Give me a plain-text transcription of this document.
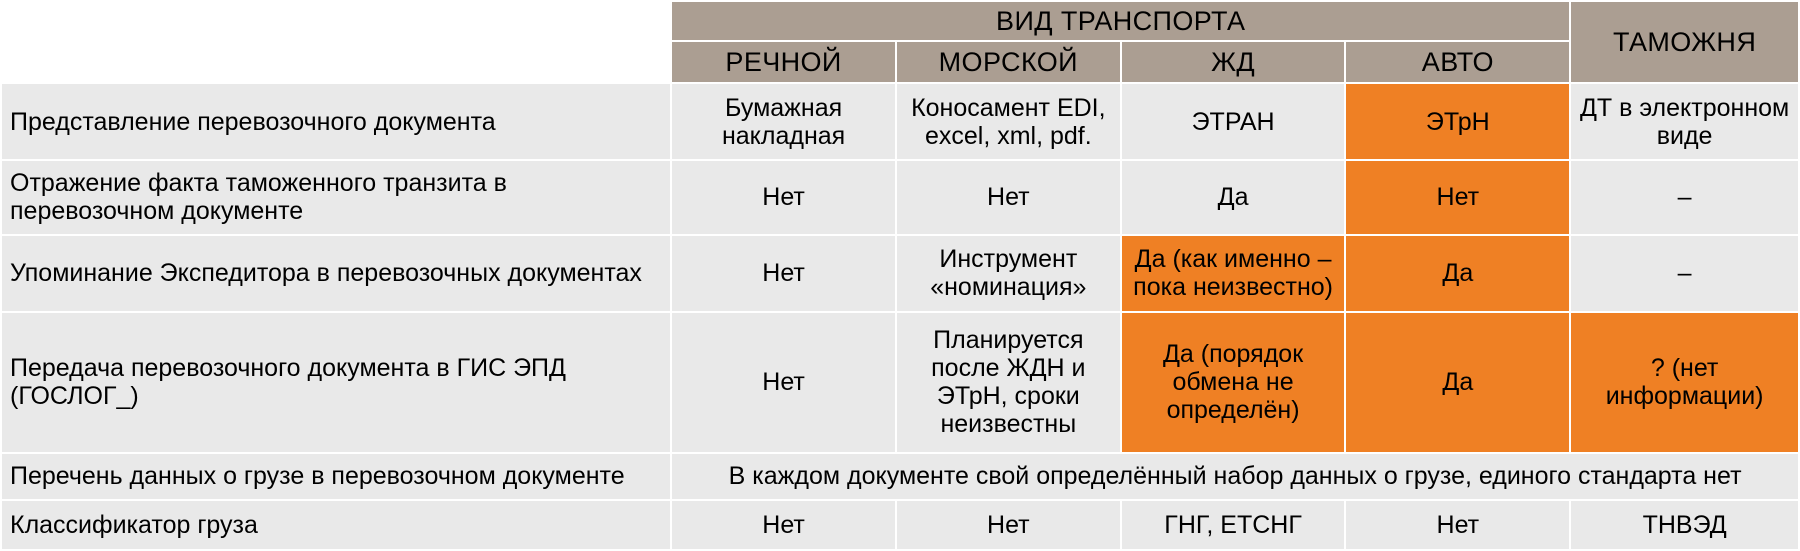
	ВИД ТРАНСПОРТА				ТАМОЖНЯ
	РЕЧНОЙ	МОРСКОЙ	ЖД	АВТО	
Представление перевозочного документа	Бумажная накладная	Коносамент EDI, excel, xml, pdf.	ЭТРАН	ЭТрН	ДТ в электронном виде
Отражение факта таможенного транзита в перевозочном документе	Нет	Нет	Да	Нет	–
Упоминание Экспедитора в перевозочных документах	Нет	Инструмент «номинация»	Да (как именно – пока неизвестно)	Да	–
Передача перевозочного документа в ГИС ЭПД (ГОСЛОГ_)	Нет	Планируется после ЖДН и ЭТрН, сроки неизвестны	Да (порядок обмена не определён)	Да	? (нет информации)
Перечень данных о грузе в перевозочном документе	В каждом документе свой определённый набор данных о грузе, единого стандарта нет				
Классификатор груза	Нет	Нет	ГНГ, ЕТСНГ	Нет	ТНВЭД
